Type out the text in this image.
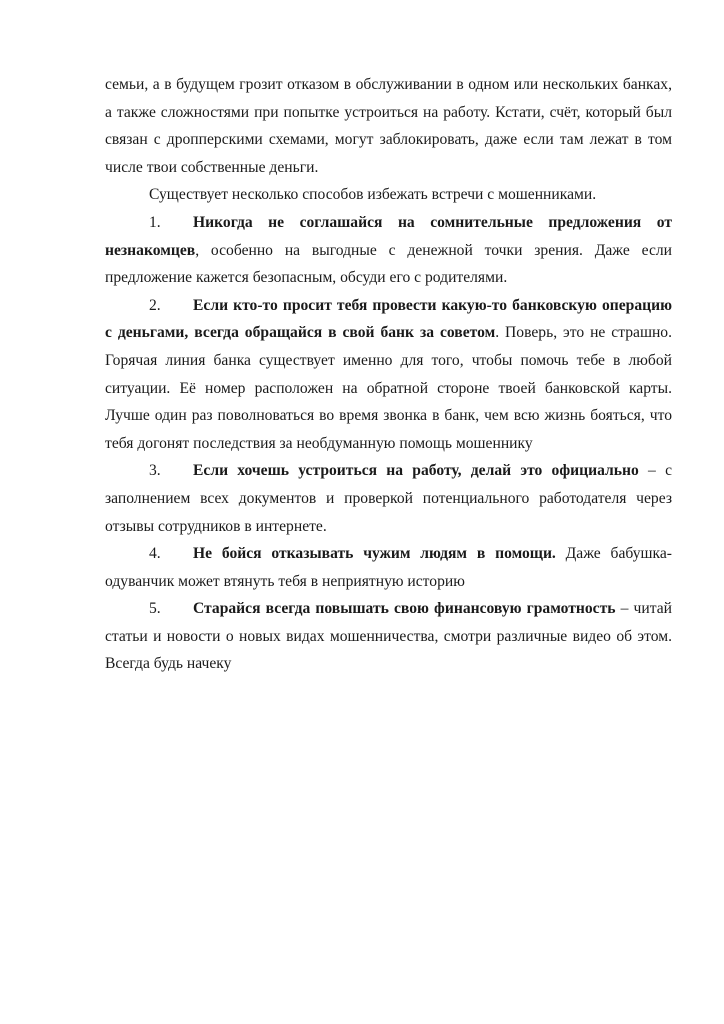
семьи, а в будущем грозит отказом в обслуживании в одном или нескольких банках, а также сложностями при попытке устроиться на работу. Кстати, счёт, который был связан с дропперскими схемами, могут заблокировать, даже если там лежат в том числе твои собственные деньги.

Существует несколько способов избежать встречи с мошенниками.

1. Никогда не соглашайся на сомнительные предложения от незнакомцев, особенно на выгодные с денежной точки зрения. Даже если предложение кажется безопасным, обсуди его с родителями.

2. Если кто-то просит тебя провести какую-то банковскую операцию с деньгами, всегда обращайся в свой банк за советом. Поверь, это не страшно. Горячая линия банка существует именно для того, чтобы помочь тебе в любой ситуации. Её номер расположен на обратной стороне твоей банковской карты. Лучше один раз поволноваться во время звонка в банк, чем всю жизнь бояться, что тебя догонят последствия за необдуманную помощь мошеннику

3. Если хочешь устроиться на работу, делай это официально – с заполнением всех документов и проверкой потенциального работодателя через отзывы сотрудников в интернете.

4. Не бойся отказывать чужим людям в помощи. Даже бабушка-одуванчик может втянуть тебя в неприятную историю

5. Старайся всегда повышать свою финансовую грамотность – читай статьи и новости о новых видах мошенничества, смотри различные видео об этом. Всегда будь начеку
